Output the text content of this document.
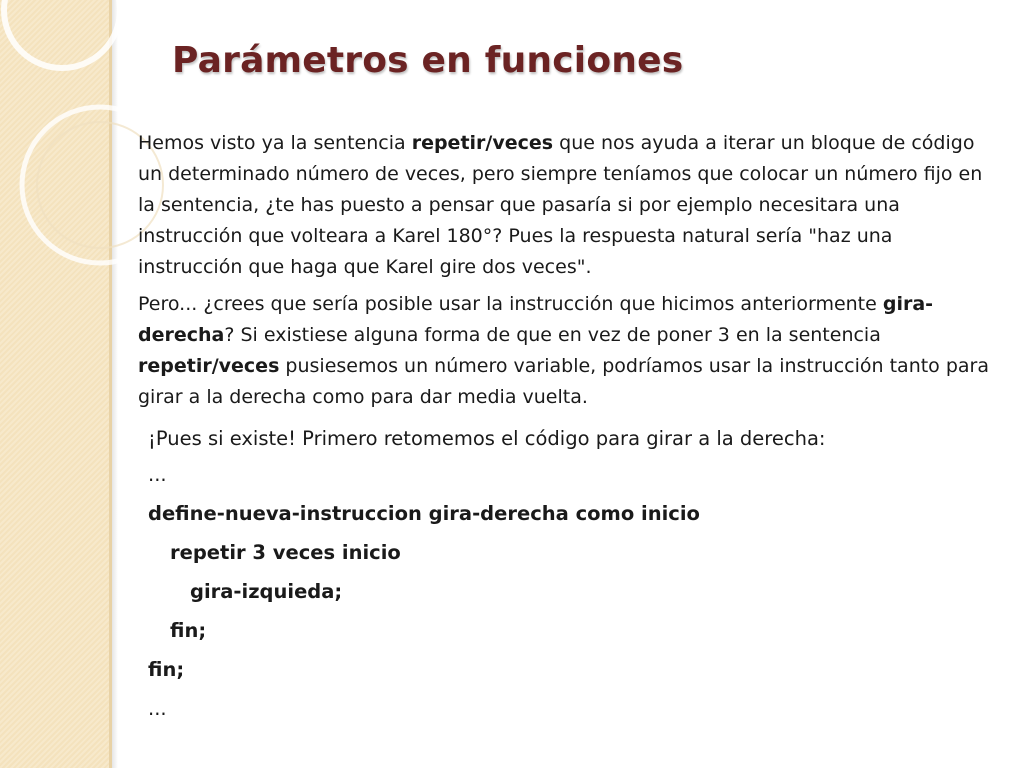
Parámetros en funciones

Hemos visto ya la sentencia repetir/veces que nos ayuda a iterar un bloque de código un determinado número de veces, pero siempre teníamos que colocar un número fijo en la sentencia, ¿te has puesto a pensar que pasaría si por ejemplo necesitara una instrucción que volteara a Karel 180°? Pues la respuesta natural sería "haz una instrucción que haga que Karel gire dos veces".

Pero... ¿crees que sería posible usar la instrucción que hicimos anteriormente gira-derecha? Si existiese alguna forma de que en vez de poner 3 en la sentencia repetir/veces pusiesemos un número variable, podríamos usar la instrucción tanto para girar a la derecha como para dar media vuelta.

¡Pues si existe! Primero retomemos el código para girar a la derecha:

...
define-nueva-instruccion gira-derecha como inicio
repetir 3 veces inicio
gira-izquieda;
fin;
fin;
...
